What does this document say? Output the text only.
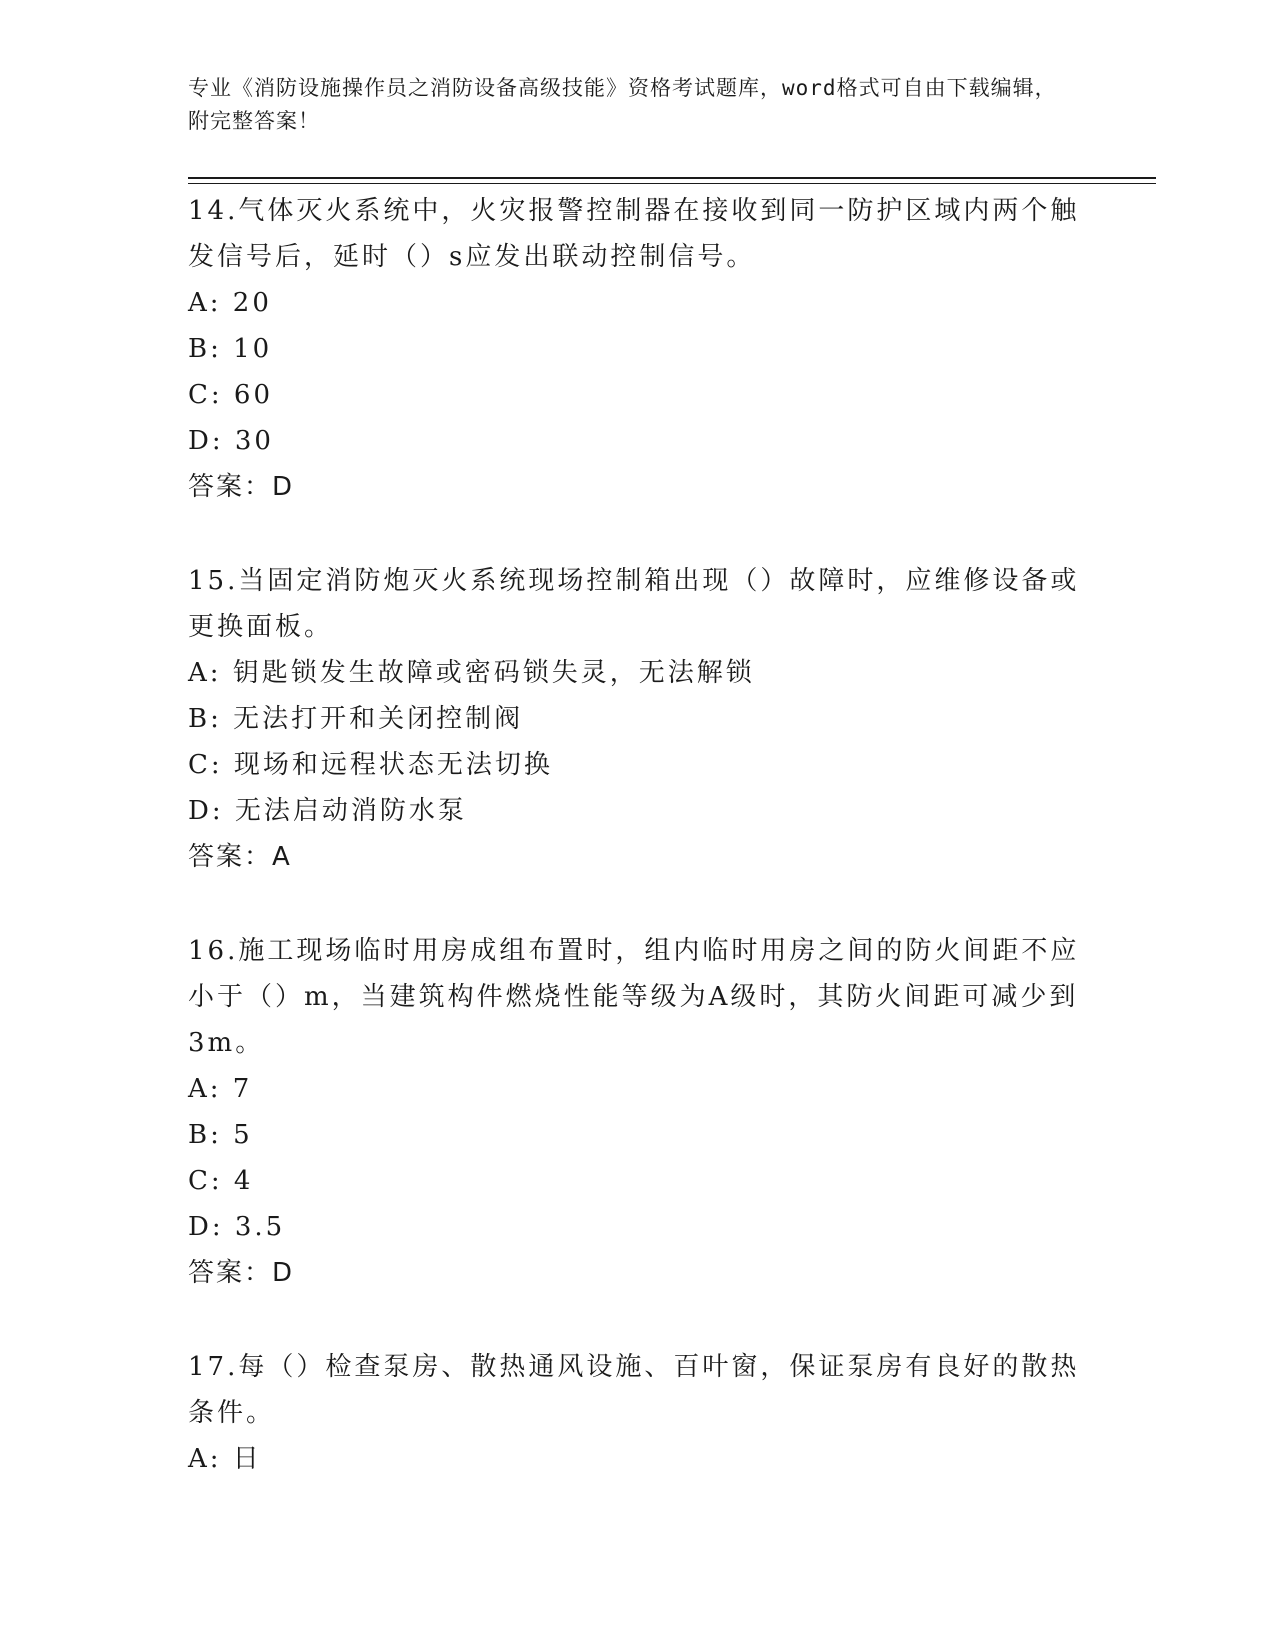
专业《消防设施操作员之消防设备高级技能》资格考试题库，word格式可自由下载编辑，附完整答案！

14.气体灭火系统中，火灾报警控制器在接收到同一防护区域内两个触发信号后，延时（）s应发出联动控制信号。

A: 20

B: 10

C: 60

D: 30

答案：D

15.当固定消防炮灭火系统现场控制箱出现（）故障时，应维修设备或更换面板。

A: 钥匙锁发生故障或密码锁失灵，无法解锁

B: 无法打开和关闭控制阀

C: 现场和远程状态无法切换

D: 无法启动消防水泵

答案：A

16.施工现场临时用房成组布置时，组内临时用房之间的防火间距不应小于（）m，当建筑构件燃烧性能等级为A级时，其防火间距可减少到3m。

A: 7

B: 5

C: 4

D: 3.5

答案：D

17.每（）检查泵房、散热通风设施、百叶窗，保证泵房有良好的散热条件。

A: 日
